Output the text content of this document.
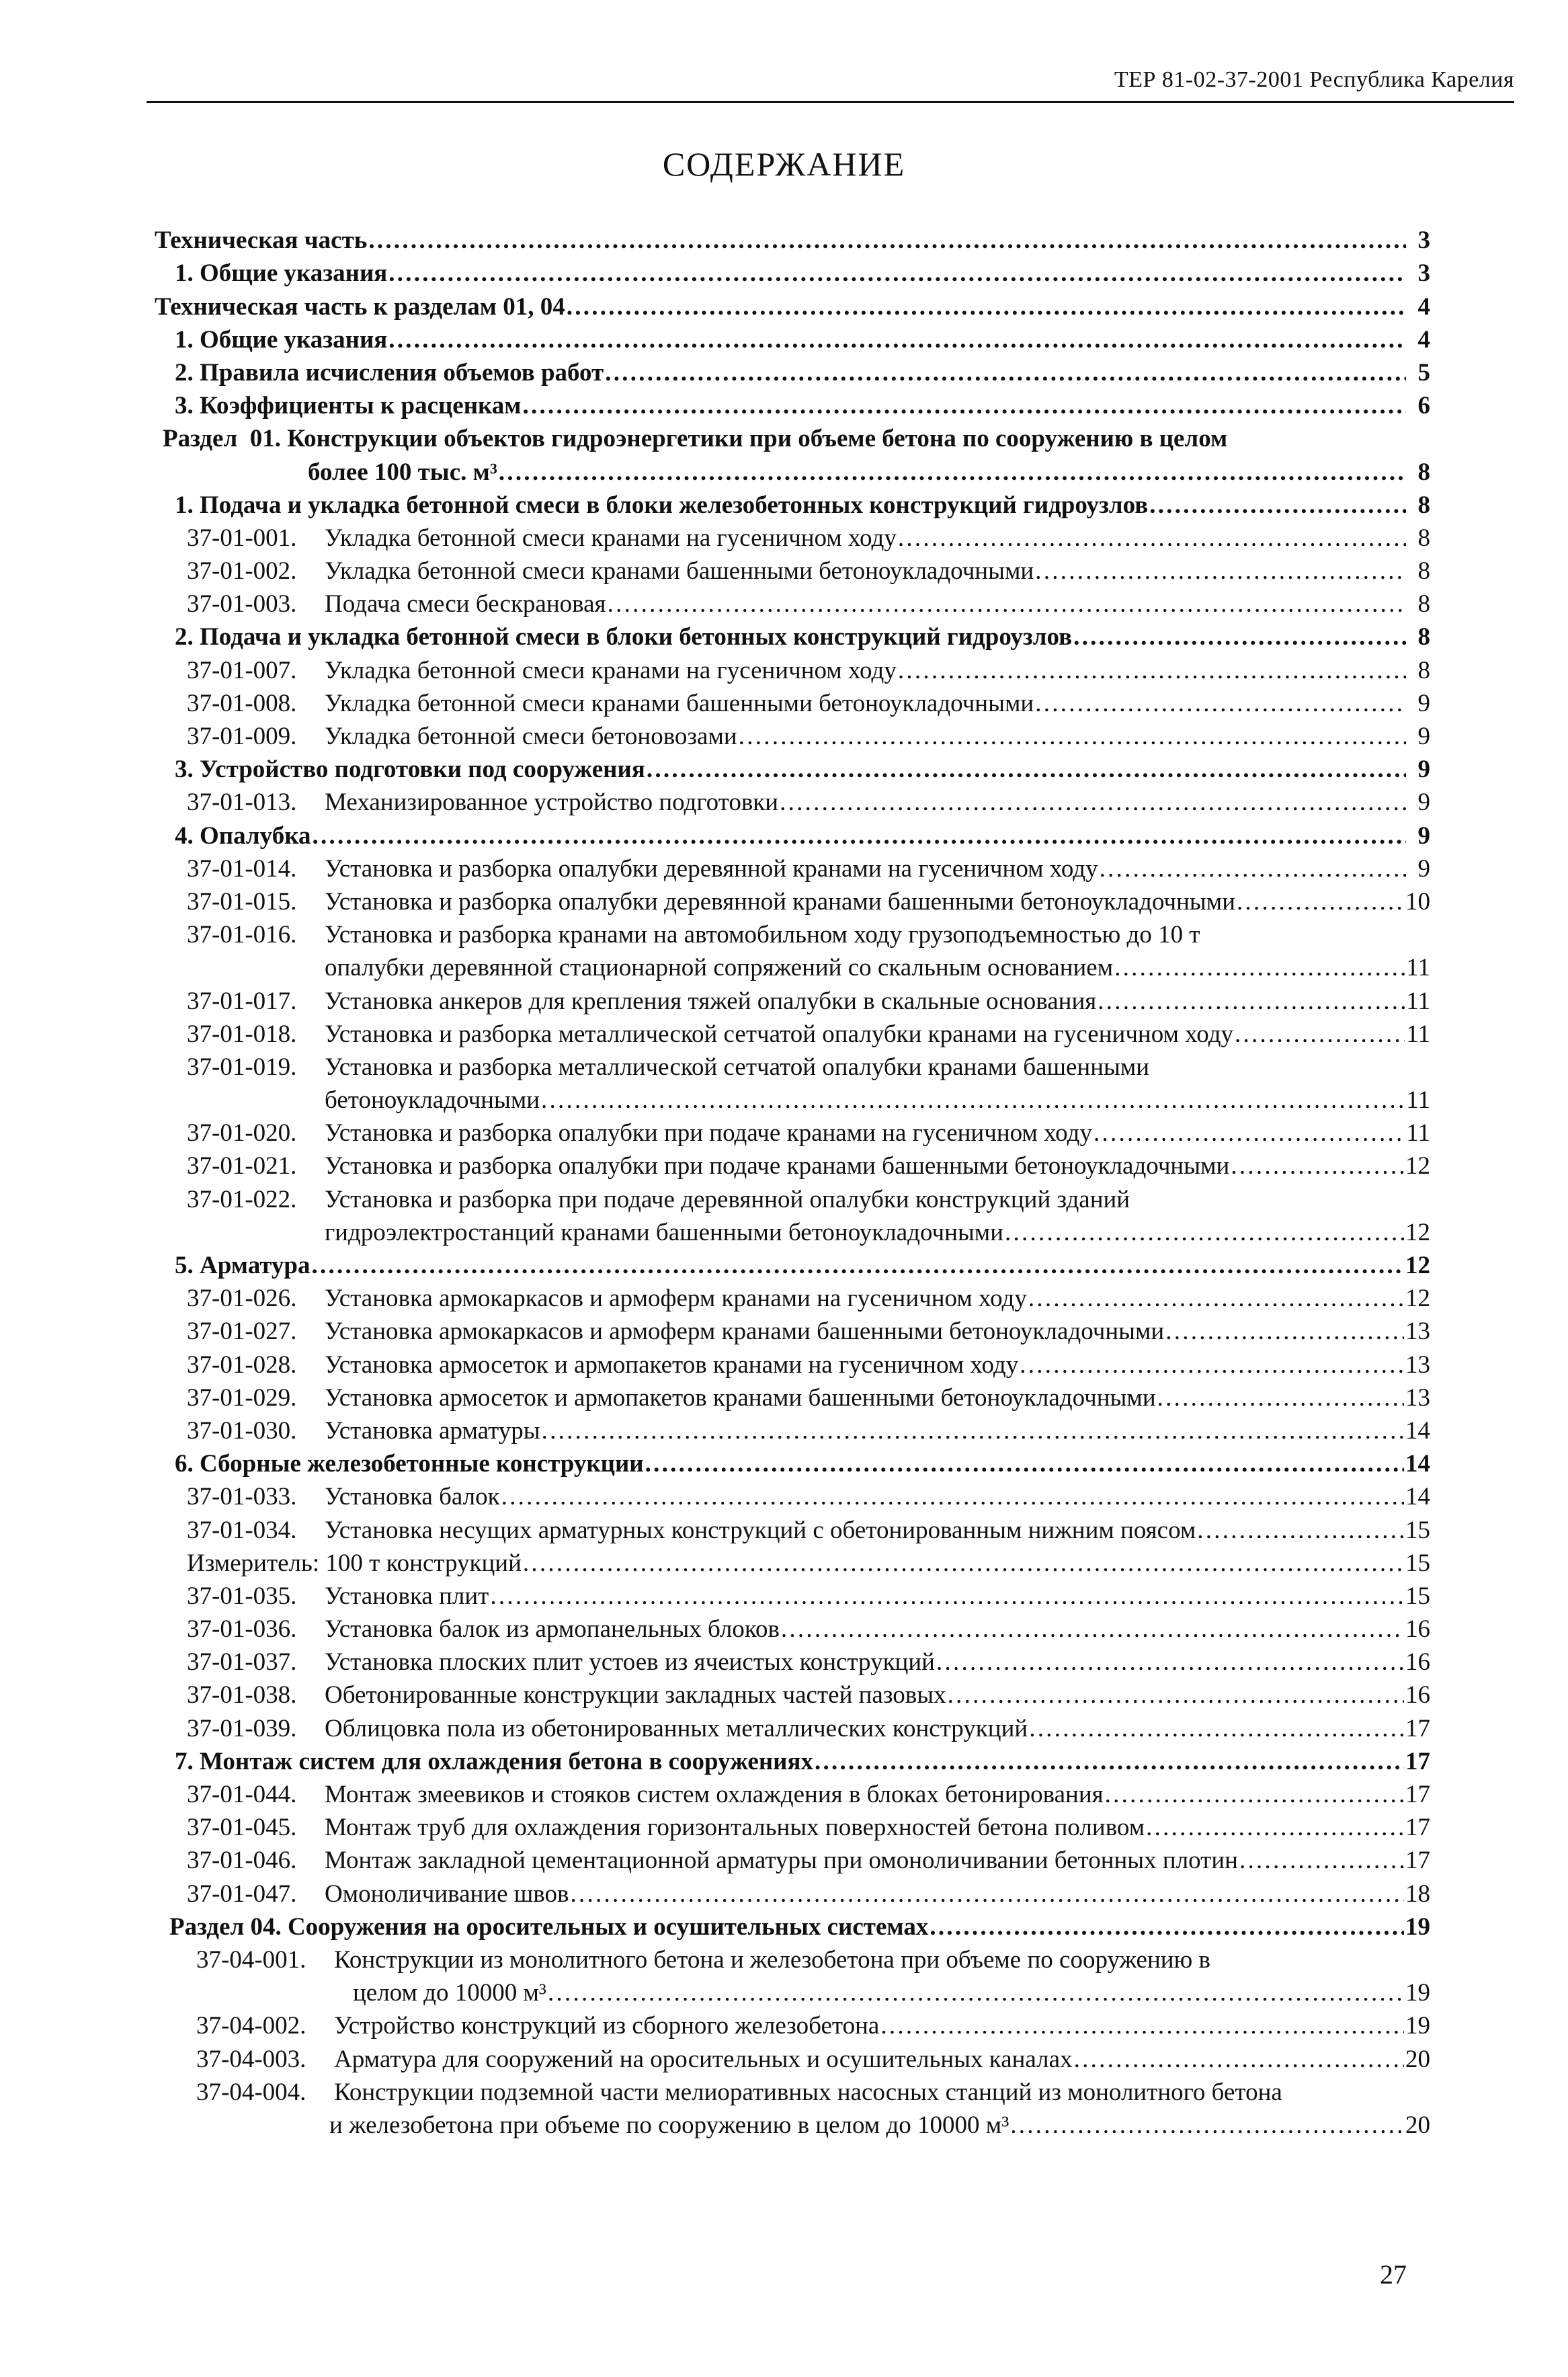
ТЕР 81-02-37-2001 Республика Карелия
СОДЕРЖАНИЕ
Техническая часть . . .	3
1. Общие указания . . .	3
Техническая часть к разделам 01, 04 . . .	4
1. Общие указания . . .	4
2. Правила исчисления объемов работ . . .	5
3. Коэффициенты к расценкам . . .	6
Раздел  01. Конструкции объектов гидроэнергетики при объеме бетона по сооружению в целом
более 100 тыс. м³ . . .	8
1. Подача и укладка бетонной смеси в блоки железобетонных конструкций гидроузлов . . .	8
37-01-001.	Укладка бетонной смеси кранами на гусеничном ходу . . .	8
37-01-002.	Укладка бетонной смеси кранами башенными бетоноукладочными . . .	8
37-01-003.	Подача смеси бескрановая . . .	8
2. Подача и укладка бетонной смеси в блоки бетонных конструкций гидроузлов . . .	8
37-01-007.	Укладка бетонной смеси кранами на гусеничном ходу . . .	8
37-01-008.	Укладка бетонной смеси кранами башенными бетоноукладочными . . .	9
37-01-009.	Укладка бетонной смеси бетоновозами . . .	9
3. Устройство подготовки под сооружения . . .	9
37-01-013.	Механизированное устройство подготовки . . .	9
4. Опалубка . . .	9
37-01-014.	Установка и разборка опалубки деревянной кранами на гусеничном ходу . . .	9
37-01-015.	Установка и разборка опалубки деревянной кранами башенными бетоноукладочными . . .	10
37-01-016.	Установка и разборка кранами на автомобильном ходу грузоподъемностью до 10 т
опалубки деревянной стационарной сопряжений со скальным основанием . . .	11
37-01-017.	Установка анкеров для крепления тяжей опалубки в скальные основания . . .	11
37-01-018.	Установка и разборка металлической сетчатой опалубки кранами на гусеничном ходу . . .	11
37-01-019.	Установка и разборка металлической сетчатой опалубки кранами башенными
бетоноукладочными . . .	11
37-01-020.	Установка и разборка опалубки при подаче кранами на гусеничном ходу . . .	11
37-01-021.	Установка и разборка опалубки при подаче кранами башенными бетоноукладочными . . .	12
37-01-022.	Установка и разборка при подаче деревянной опалубки конструкций зданий
гидроэлектростанций кранами башенными бетоноукладочными . . .	12
5. Арматура . . .	12
37-01-026.	Установка армокаркасов и армоферм кранами на гусеничном ходу . . .	12
37-01-027.	Установка армокаркасов и армоферм кранами башенными бетоноукладочными . . .	13
37-01-028.	Установка армосеток и армопакетов кранами на гусеничном ходу . . .	13
37-01-029.	Установка армосеток и армопакетов кранами башенными бетоноукладочными . . .	13
37-01-030.	Установка арматуры . . .	14
6. Сборные железобетонные конструкции . . .	14
37-01-033.	Установка балок . . .	14
37-01-034.	Установка несущих арматурных конструкций с обетонированным нижним поясом . . .	15
Измеритель: 100 т конструкций . . .	15
37-01-035.	Установка плит . . .	15
37-01-036.	Установка балок из армопанельных блоков . . .	16
37-01-037.	Установка плоских плит устоев из ячеистых конструкций . . .	16
37-01-038.	Обетонированные конструкции закладных частей пазовых . . .	16
37-01-039.	Облицовка пола из обетонированных металлических конструкций . . .	17
7. Монтаж систем для охлаждения бетона в сооружениях . . .	17
37-01-044.	Монтаж змеевиков и стояков систем охлаждения в блоках бетонирования . . .	17
37-01-045.	Монтаж труб для охлаждения горизонтальных поверхностей бетона поливом . . .	17
37-01-046.	Монтаж закладной цементационной арматуры при омоноличивании бетонных плотин . . .	17
37-01-047.	Омоноличивание швов . . .	18
Раздел 04. Сооружения на оросительных и осушительных системах . . .	19
37-04-001.	Конструкции из монолитного бетона и железобетона при объеме по сооружению в
целом до 10000 м³ . . .	19
37-04-002.	Устройство конструкций из сборного железобетона . . .	19
37-04-003.	Арматура для сооружений на оросительных и осушительных каналах . . .	20
37-04-004.	Конструкции подземной части мелиоративных насосных станций из монолитного бетона
и железобетона при объеме по сооружению в целом до 10000 м³ . . .	20
27
